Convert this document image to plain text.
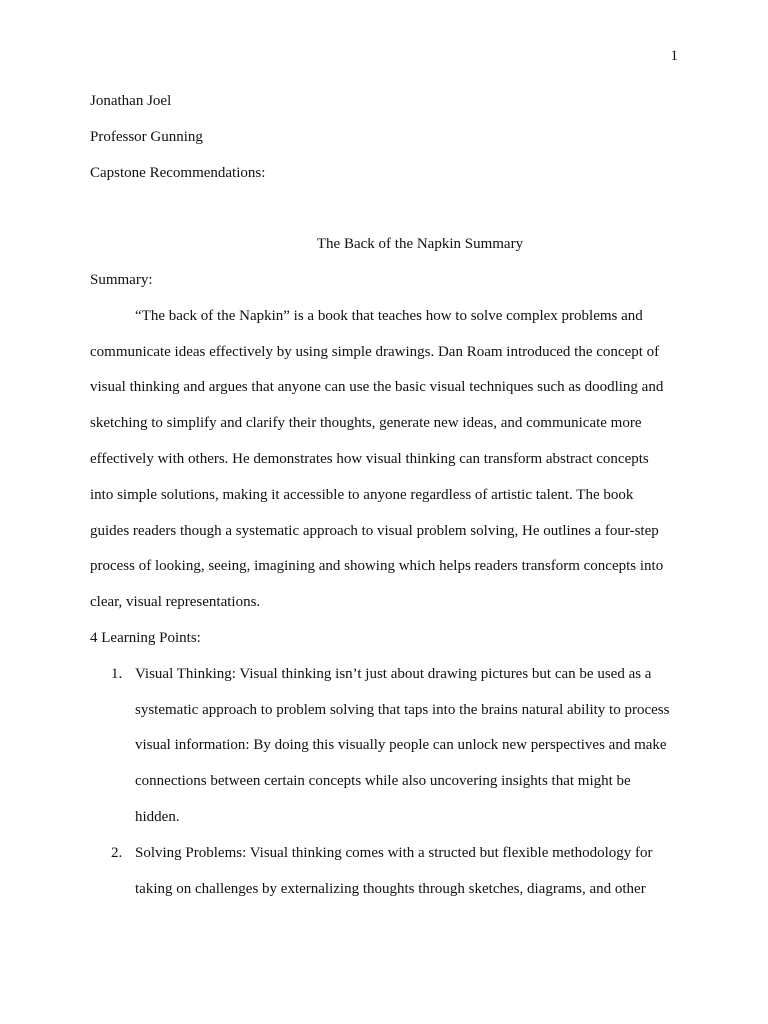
1

Jonathan Joel

Professor Gunning

Capstone Recommendations:

The Back of the Napkin Summary

Summary:

“The back of the Napkin” is a book that teaches how to solve complex problems and
communicate ideas effectively by using simple drawings. Dan Roam introduced the concept of
visual thinking and argues that anyone can use the basic visual techniques such as doodling and
sketching to simplify and clarify their thoughts, generate new ideas, and communicate more
effectively with others. He demonstrates how visual thinking can transform abstract concepts
into simple solutions, making it accessible to anyone regardless of artistic talent. The book
guides readers though a systematic approach to visual problem solving, He outlines a four-step
process of looking, seeing, imagining and showing which helps readers transform concepts into
clear, visual representations.

4 Learning Points:

1. Visual Thinking: Visual thinking isn’t just about drawing pictures but can be used as a
systematic approach to problem solving that taps into the brains natural ability to process
visual information: By doing this visually people can unlock new perspectives and make
connections between certain concepts while also uncovering insights that might be
hidden.
2. Solving Problems: Visual thinking comes with a structed but flexible methodology for
taking on challenges by externalizing thoughts through sketches, diagrams, and other
